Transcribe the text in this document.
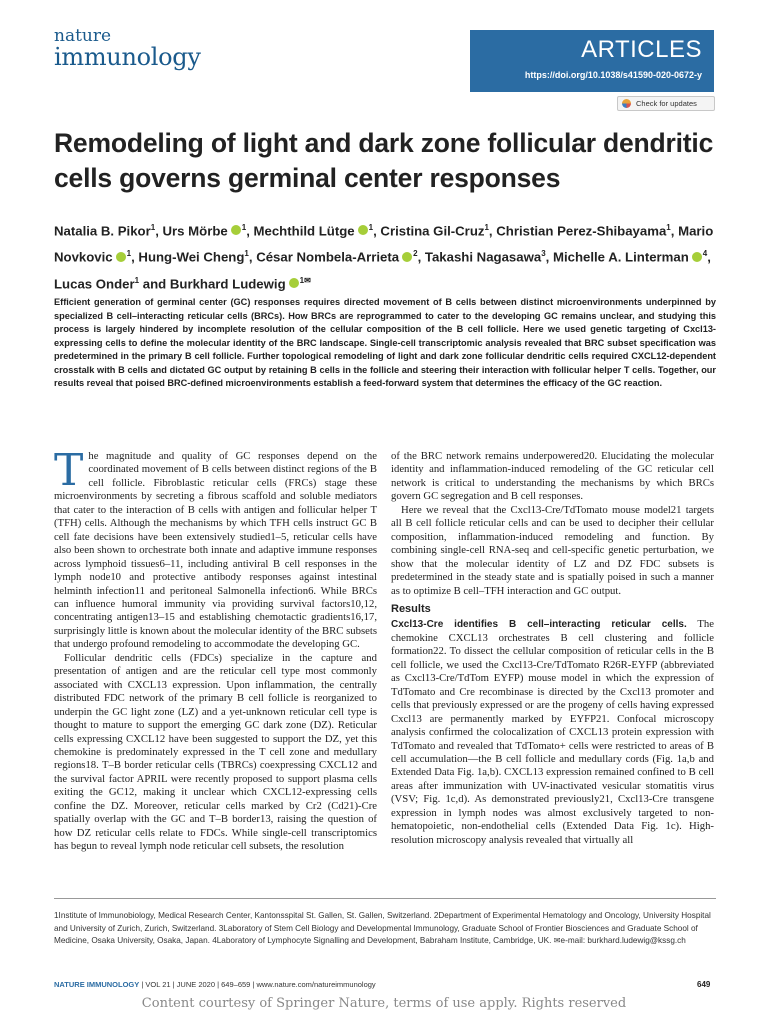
nature
immunology	ARTICLES
https://doi.org/10.1038/s41590-020-0672-y
Check for updates
Remodeling of light and dark zone follicular dendritic cells governs germinal center responses
Natalia B. Pikor$^1$, Urs Mörbe $^1$, Mechthild Lütge $^1$, Cristina Gil-Cruz$^1$, Christian Perez-Shibayama$^1$, Mario Novkovic $^1$, Hung-Wei Cheng$^1$, César Nombela-Arrieta $^2$, Takashi Nagasawa$^3$, Michelle A. Linterman $^4$, Lucas Onder$^1$ and Burkhard Ludewig $^{1✉}$
Efficient generation of germinal center (GC) responses requires directed movement of B cells between distinct microenvironments underpinned by specialized B cell–interacting reticular cells (BRCs). How BRCs are reprogrammed to cater to the developing GC remains unclear, and studying this process is largely hindered by incomplete resolution of the cellular composition of the B cell follicle. Here we used genetic targeting of Cxcl13-expressing cells to define the molecular identity of the BRC landscape. Single-cell transcriptomic analysis revealed that BRC subset specification was predetermined in the primary B cell follicle. Further topological remodeling of light and dark zone follicular dendritic cells required CXCL12-dependent crosstalk with B cells and dictated GC output by retaining B cells in the follicle and steering their interaction with follicular helper T cells. Together, our results reveal that poised BRC-defined microenvironments establish a feed-forward system that determines the efficacy of the GC reaction.

The magnitude and quality of GC responses depend on the coordinated movement of B cells between distinct regions of the B cell follicle. Fibroblastic reticular cells (FRCs) stage these microenvironments by secreting a fibrous scaffold and soluble mediators that cater to the interaction of B cells with antigen and follicular helper T (TFH) cells. Although the mechanisms by which TFH cells instruct GC B cell fate decisions have been extensively studied1–5, reticular cells have also been shown to orchestrate both innate and adaptive immune responses across lymphoid tissues6–11, including antiviral B cell responses in the lymph node10 and protective antibody responses against intestinal helminth infection11 and peritoneal Salmonella infection6. While BRCs can influence humoral immunity via providing survival factors10,12, concentrating antigen13–15 and establishing chemotactic gradients16,17, surprisingly little is known about the molecular identity of the BRC subsets that undergo profound remodeling to accommodate the developing GC.

Follicular dendritic cells (FDCs) specialize in the capture and presentation of antigen and are the reticular cell type most commonly associated with CXCL13 expression. Upon inflammation, the centrally distributed FDC network of the primary B cell follicle is reorganized to underpin the GC light zone (LZ) and a yet-unknown reticular cell type is thought to mature to support the emerging GC dark zone (DZ). Reticular cells expressing CXCL12 have been suggested to support the DZ, yet this chemokine is predominately expressed in the T cell zone and medullary regions18. T–B border reticular cells (TBRCs) coexpressing CXCL12 and the survival factor APRIL were recently proposed to support plasma cells exiting the GC12, making it unclear which CXCL12-expressing cells confine the DZ. Moreover, reticular cells marked by Cr2 (Cd21)-Cre spatially overlap with the GC and T–B border13, raising the question of how DZ reticular cells relate to FDCs. While single-cell transcriptomics has begun to reveal lymph node reticular cell subsets, the resolution

of the BRC network remains underpowered20. Elucidating the molecular identity and inflammation-induced remodeling of the GC reticular cell network is critical to understanding the mechanisms by which BRCs govern GC segregation and B cell responses.

Here we reveal that the Cxcl13-Cre/TdTomato mouse model21 targets all B cell follicle reticular cells and can be used to decipher their cellular composition, inflammation-induced remodeling and function. By combining single-cell RNA-seq and cell-specific genetic perturbation, we show that the molecular identity of LZ and DZ FDC subsets is predetermined in the steady state and is spatially poised in such a manner as to optimize B cell–TFH interaction and GC output.

Results

Cxcl13-Cre identifies B cell–interacting reticular cells. The chemokine CXCL13 orchestrates B cell clustering and follicle formation22. To dissect the cellular composition of reticular cells in the B cell follicle, we used the Cxcl13-Cre/TdTomato R26R-EYFP (abbreviated as Cxcl13-Cre/TdTom EYFP) mouse model in which the expression of TdTomato and Cre recombinase is directed by the Cxcl13 promoter and cells that previously expressed or are the progeny of cells having expressed Cxcl13 are permanently marked by EYFP21. Confocal microscopy analysis confirmed the colocalization of CXCL13 protein expression with TdTomato and revealed that TdTomato+ cells were restricted to areas of B cell accumulation—the B cell follicle and medullary cords (Fig. 1a,b and Extended Data Fig. 1a,b). CXCL13 expression remained confined to B cell areas after immunization with UV-inactivated vesicular stomatitis virus (VSV; Fig. 1c,d). As demonstrated previously21, Cxcl13-Cre transgene expression in lymph nodes was almost exclusively targeted to non-hematopoietic, non-endothelial cells (Extended Data Fig. 1c). High-resolution microscopy analysis revealed that virtually all

1Institute of Immunobiology, Medical Research Center, Kantonsspital St. Gallen, St. Gallen, Switzerland. 2Department of Experimental Hematology and Oncology, University Hospital and University of Zurich, Zurich, Switzerland. 3Laboratory of Stem Cell Biology and Developmental Immunology, Graduate School of Frontier Biosciences and Graduate School of Medicine, Osaka University, Osaka, Japan. 4Laboratory of Lymphocyte Signalling and Development, Babraham Institute, Cambridge, UK. ✉e-mail: burkhard.ludewig@kssg.ch
NATURE IMMUNOLOGY | VOL 21 | JUNE 2020 | 649–659 | www.nature.com/natureimmunology	649
Content courtesy of Springer Nature, terms of use apply. Rights reserved
